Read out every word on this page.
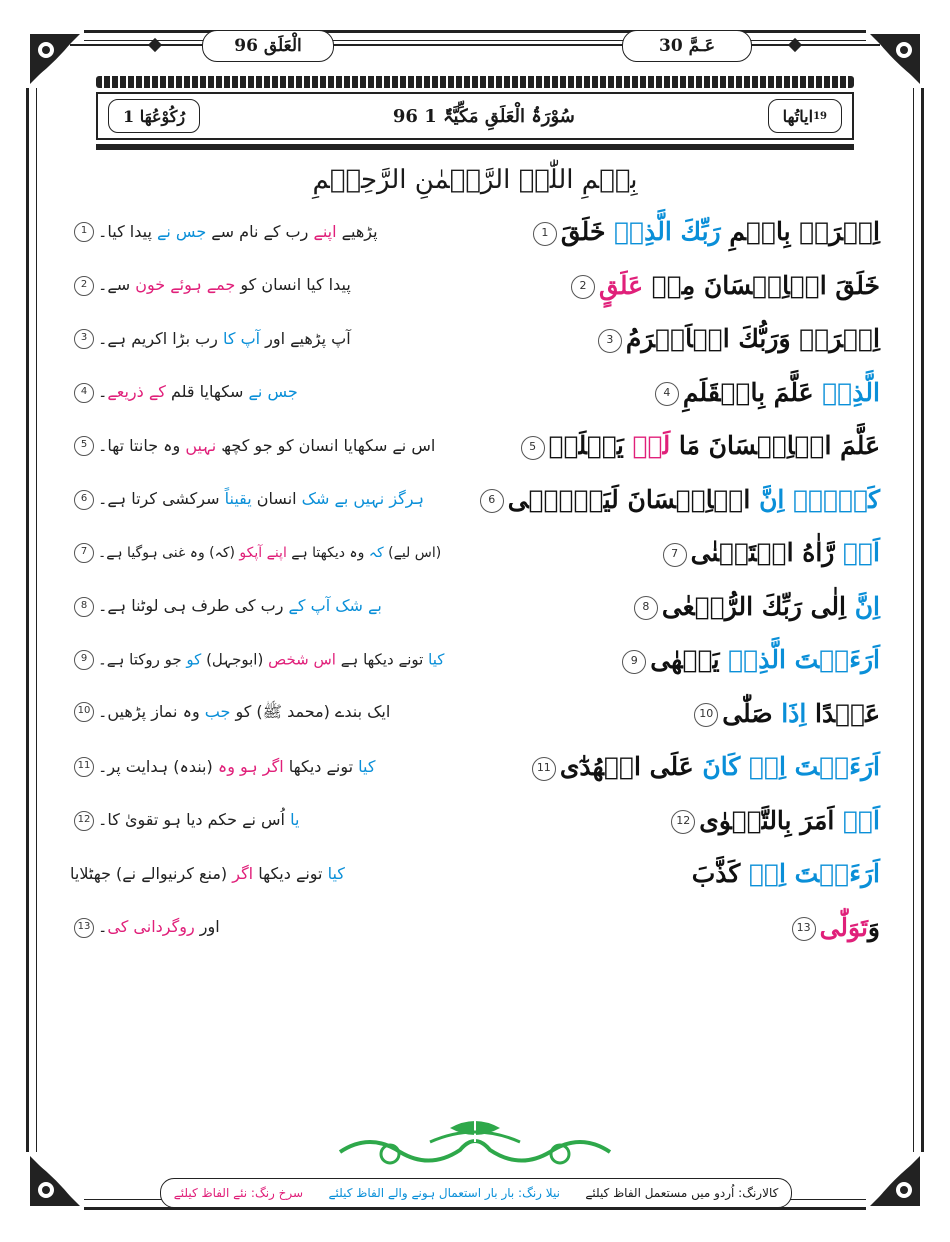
الْعَلَق 96	عَـمَّ 30
1
رُکُوْعُھَا	96 سُوْرَۃُ الْعَلَقِ مَکِّیَّۃٌ 1	ایاتُھا 19
بِسۡمِ اللّٰہِ الرَّحۡمٰنِ الرَّحِیۡمِ
پڑھیے اپنے رب کے نام سے جس نے پیدا کیا۔1	اِقۡرَاۡ بِاسۡمِ رَبِّكَ الَّذِیۡ خَلَقَ1
پیدا کیا انسان کو جمے ہوئے خون سے۔2	خَلَقَ الۡاِنۡسَانَ مِنۡ عَلَقٍ2
آپ پڑھیے اور آپ کا رب بڑا اکریم ہے۔3	اِقۡرَاۡ وَرَبُّكَ الۡاَكۡرَمُ3
جس نے سکھایا قلم کے ذریعے۔4	الَّذِیۡ عَلَّمَ بِالۡقَلَمِ4
اس نے سکھایا انسان کو جو کچھ نہیں وہ جانتا تھا۔5	عَلَّمَ الۡاِنۡسَانَ مَا لَمۡ يَعۡلَمۡ5
ہرگز نہیں بے شک انسان یقیناً سرکشی کرتا ہے۔6	كَلَّاۤ اِنَّ الۡاِنۡسَانَ لَيَطۡغٰۤى6
(اس لیے) کہ وہ دیکھتا ہے اپنے آپکو (کہ) وہ غنی ہوگیا ہے۔7	اَنۡ رَّاٰهُ اسۡتَغۡنٰى7
بے شک آپ کے رب کی طرف ہی لوٹنا ہے۔8	اِنَّ اِلٰى رَبِّكَ الرُّجۡعٰى8
کیا تونے دیکھا ہے اس شخص (ابوجہل) کو جو روکتا ہے۔9	اَرَءَيۡتَ الَّذِیۡ يَنۡهٰى9
ایک بندے (محمد ﷺ) کو جب وہ نماز پڑھیں۔10	عَبۡدًا اِذَا صَلّٰى10
کیا تونے دیکھا اگر ہو وہ (بندہ) ہدایت پر۔11	اَرَءَيۡتَ اِنۡ كَانَ عَلَى الۡهُدٰٓى11
یا اُس نے حکم دیا ہو تقویٰ کا۔12	اَوۡ اَمَرَ بِالتَّقۡوٰى12
کیا تونے دیکھا اگر (منع کرنیوالے نے) جھٹلایا	اَرَءَيۡتَ اِنۡ كَذَّبَ
اور روگردانی کی۔13	وَتَوَلّٰى13
کالارنگ: اُردو میں مستعمل الفاظ کیلئے
نیلا رنگ: بار بار استعمال ہونے والے الفاظ کیلئے
سرخ رنگ: نئے الفاظ کیلئے
